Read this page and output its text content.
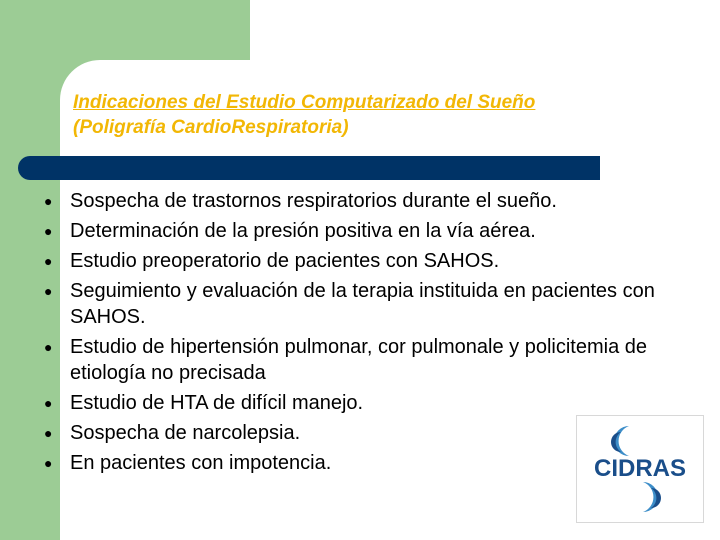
Indicaciones del Estudio Computarizado del Sueño
(Poligrafía CardioRespiratoria)
● Sospecha de trastornos respiratorios durante el sueño.
● Determinación de la presión positiva en la vía aérea.
● Estudio preoperatorio de pacientes con SAHOS.
● Seguimiento y evaluación de la terapia instituida en pacientes con SAHOS.
● Estudio de hipertensión pulmonar, cor pulmonale y policitemia de etiología no precisada
● Estudio de HTA de difícil manejo.
● Sospecha de narcolepsia.
● En pacientes con impotencia.	CIDRAS
